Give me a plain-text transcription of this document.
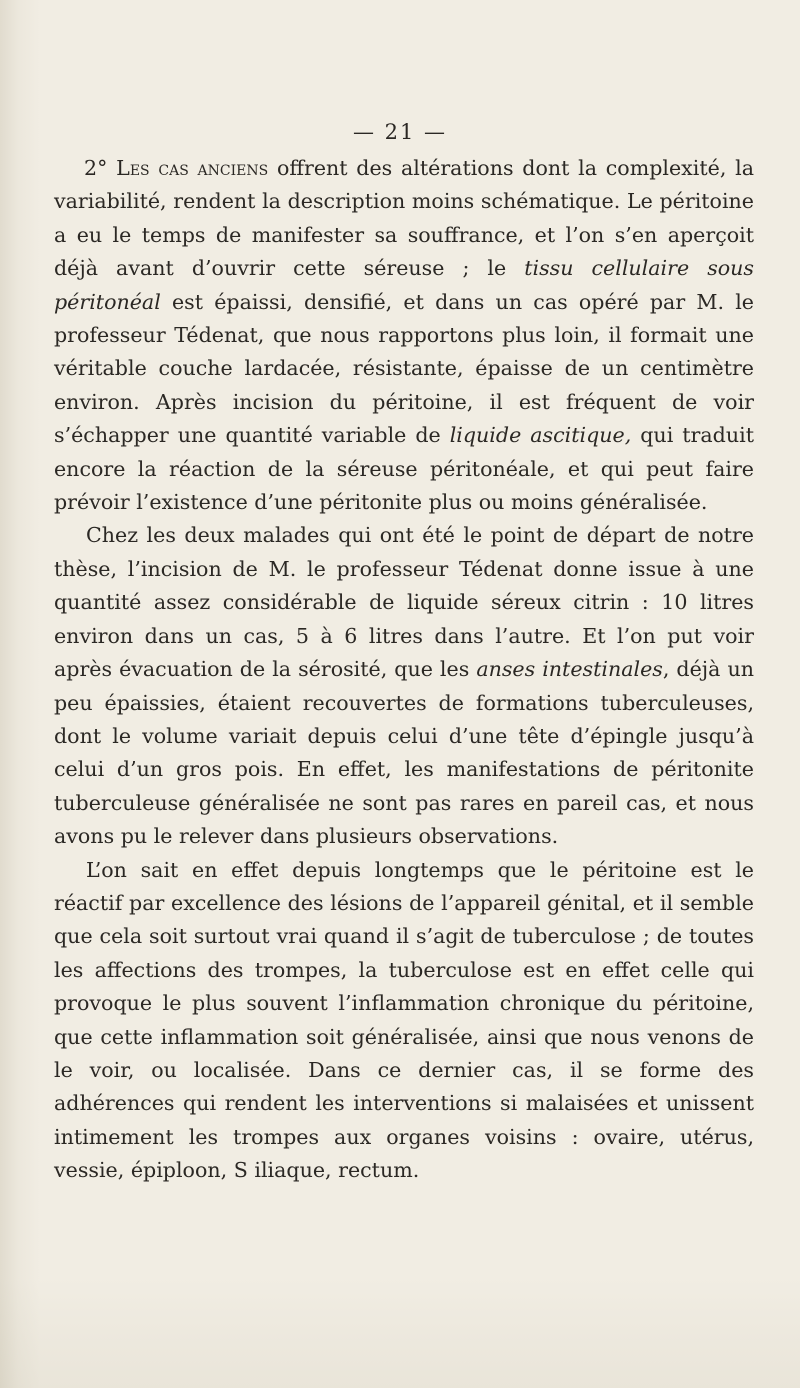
— 21 —

2° Les cas anciens offrent des altérations dont la complexité, la variabilité, rendent la description moins schématique. Le péritoine a eu le temps de manifester sa souffrance, et l’on s’en aperçoit déjà avant d’ouvrir cette séreuse ; le tissu cellulaire sous péritonéal est épaissi, densifié, et dans un cas opéré par M. le professeur Tédenat, que nous rapportons plus loin, il formait une véritable couche lardacée, résistante, épaisse de un centimètre environ. Après incision du péritoine, il est fréquent de voir s’échapper une quantité variable de liquide ascitique, qui traduit encore la réaction de la séreuse péritonéale, et qui peut faire prévoir l’existence d’une péritonite plus ou moins généralisée.

Chez les deux malades qui ont été le point de départ de notre thèse, l’incision de M. le professeur Tédenat donne issue à une quantité assez considérable de liquide séreux citrin : 10 litres environ dans un cas, 5 à 6 litres dans l’autre. Et l’on put voir après évacuation de la sérosité, que les anses intestinales, déjà un peu épaissies, étaient recouvertes de formations tuberculeuses, dont le volume variait depuis celui d’une tête d’épingle jusqu’à celui d’un gros pois. En effet, les manifestations de péritonite tuberculeuse généralisée ne sont pas rares en pareil cas, et nous avons pu le relever dans plusieurs observations.

L’on sait en effet depuis longtemps que le péritoine est le réactif par excellence des lésions de l’appareil génital, et il semble que cela soit surtout vrai quand il s’agit de tuberculose ; de toutes les affections des trompes, la tuberculose est en effet celle qui provoque le plus souvent l’inflammation chronique du péritoine, que cette inflammation soit généralisée, ainsi que nous venons de le voir, ou localisée. Dans ce dernier cas, il se forme des adhérences qui rendent les interventions si malaisées et unissent intimement les trompes aux organes voisins : ovaire, utérus, vessie, épiploon, S iliaque, rectum.
